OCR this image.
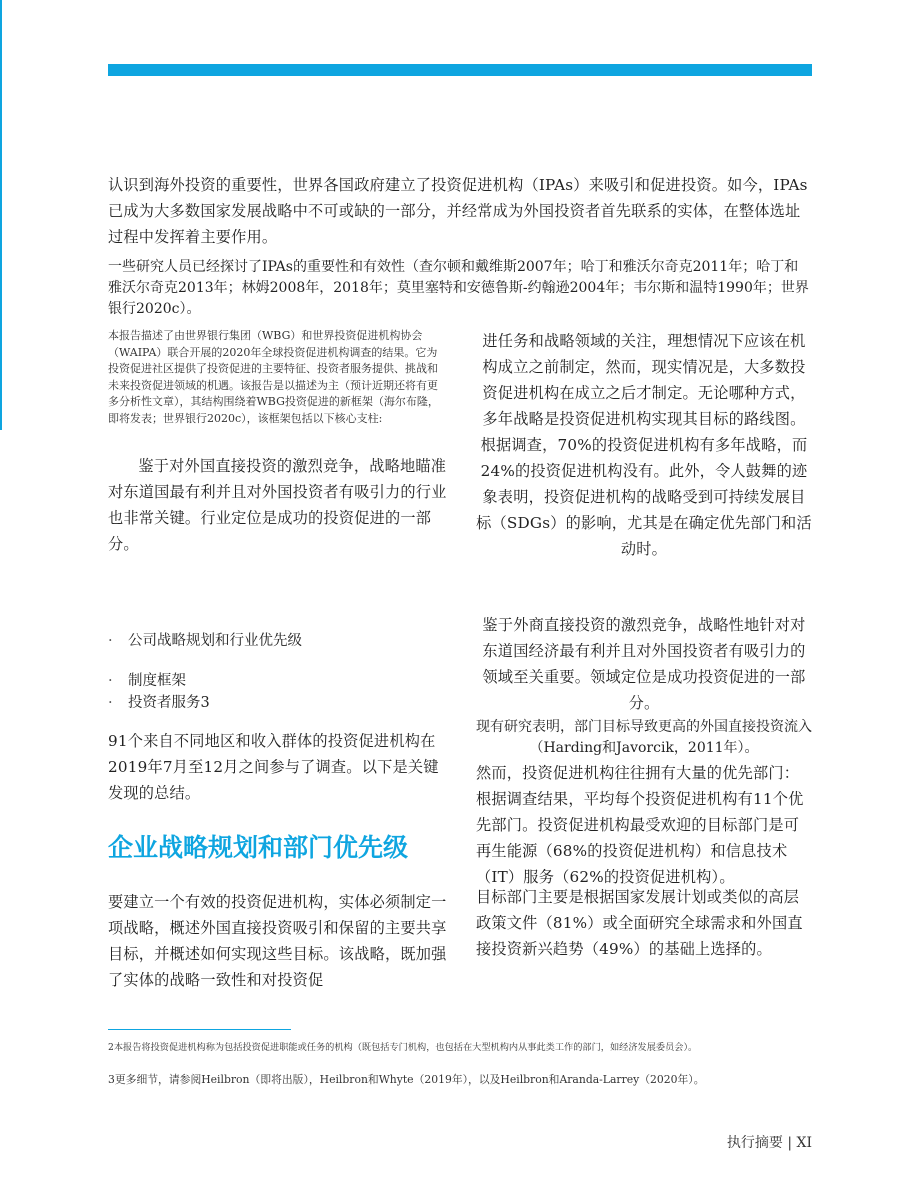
认识到海外投资的重要性，世界各国政府建立了投资促进机构（IPAs）来吸引和促进投资。如今，IPAs已成为大多数国家发展战略中不可或缺的一部分，并经常成为外国投资者首先联系的实体，在整体选址过程中发挥着主要作用。

一些研究人员已经探讨了IPAs的重要性和有效性（查尔顿和戴维斯2007年；哈丁和雅沃尔奇克2011年；哈丁和雅沃尔奇克2013年；林姆2008年，2018年；莫里塞特和安德鲁斯-约翰逊2004年；韦尔斯和温特1990年；世界银行2020c）。

本报告描述了由世界银行集团（WBG）和世界投资促进机构协会（WAIPA）联合开展的2020年全球投资促进机构调查的结果。它为投资促进社区提供了投资促进的主要特征、投资者服务提供、挑战和未来投资促进领域的机遇。该报告是以描述为主（预计近期还将有更多分析性文章），其结构围绕着WBG投资促进的新框架（海尔布隆，即将发表；世界银行2020c），该框架包括以下核心支柱:

鉴于对外国直接投资的激烈竞争，战略地瞄准对东道国最有利并且对外国投资者有吸引力的行业也非常关键。行业定位是成功的投资促进的一部分。

进任务和战略领域的关注，理想情况下应该在机构成立之前制定，然而，现实情况是，大多数投资促进机构在成立之后才制定。无论哪种方式，多年战略是投资促进机构实现其目标的路线图。根据调查，70%的投资促进机构有多年战略，而24%的投资促进机构没有。此外，令人鼓舞的迹象表明，投资促进机构的战略受到可持续发展目标（SDGs）的影响，尤其是在确定优先部门和活动时。

鉴于外商直接投资的激烈竞争，战略性地针对对东道国经济最有利并且对外国投资者有吸引力的领域至关重要。领域定位是成功投资促进的一部分。

·	公司战略规划和行业优先级
·	制度框架
·	投资者服务3

91个来自不同地区和收入群体的投资促进机构在2019年7月至12月之间参与了调查。以下是关键发现的总结。

企业战略规划和部门优先级

要建立一个有效的投资促进机构，实体必须制定一项战略，概述外国直接投资吸引和保留的主要共享目标，并概述如何实现这些目标。该战略，既加强了实体的战略一致性和对投资促

现有研究表明，部门目标导致更高的外国直接投资流入（Harding和Javorcik，2011年）。

然而，投资促进机构往往拥有大量的优先部门：根据调查结果，平均每个投资促进机构有11个优先部门。投资促进机构最受欢迎的目标部门是可再生能源（68%的投资促进机构）和信息技术（IT）服务（62%的投资促进机构）。

目标部门主要是根据国家发展计划或类似的高层政策文件（81%）或全面研究全球需求和外国直接投资新兴趋势（49%）的基础上选择的。

2本报告将投资促进机构称为包括投资促进职能或任务的机构（既包括专门机构，也包括在大型机构内从事此类工作的部门，如经济发展委员会）。

3更多细节，请参阅Heilbron（即将出版），Heilbron和Whyte（2019年），以及Heilbron和Aranda-Larrey（2020年）。

执行摘要 | XI
